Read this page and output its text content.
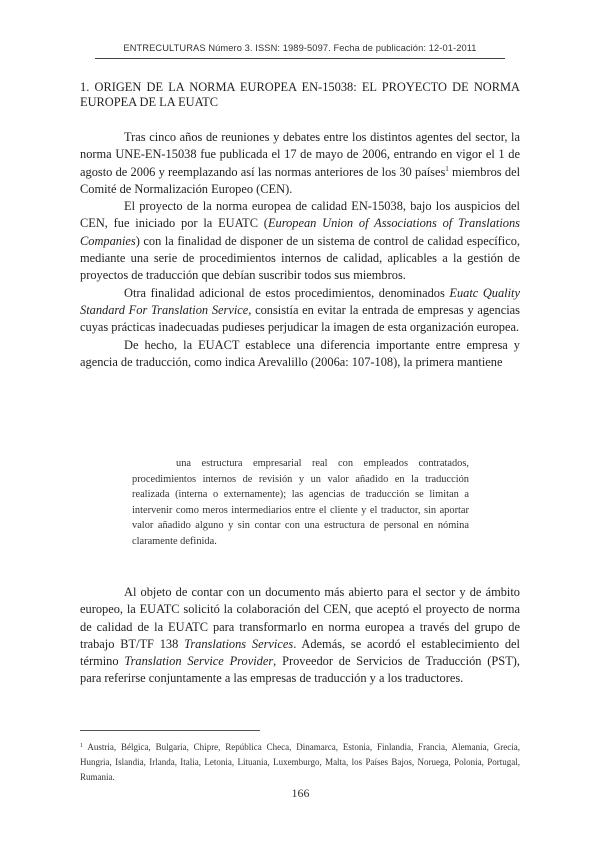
ENTRECULTURAS Número 3. ISSN: 1989-5097. Fecha de publicación: 12-01-2011
1. ORIGEN DE LA NORMA EUROPEA EN-15038: EL PROYECTO DE NORMA EUROPEA DE LA EUATC

Tras cinco años de reuniones y debates entre los distintos agentes del sector, la norma UNE-EN-15038 fue publicada el 17 de mayo de 2006, entrando en vigor el 1 de agosto de 2006 y reemplazando así las normas anteriores de los 30 países$^1$ miembros del Comité de Normalización Europeo (CEN).

El proyecto de la norma europea de calidad EN-15038, bajo los auspicios del CEN, fue iniciado por la EUATC (European Union of Associations of Translations Companies) con la finalidad de disponer de un sistema de control de calidad específico, mediante una serie de procedimientos internos de calidad, aplicables a la gestión de proyectos de traducción que debían suscribir todos sus miembros.

Otra finalidad adicional de estos procedimientos, denominados Euatc Quality Standard For Translation Service, consistía en evitar la entrada de empresas y agencias cuyas prácticas inadecuadas pudieses perjudicar la imagen de esta organización europea.

De hecho, la EUACT establece una diferencia importante entre empresa y agencia de traducción, como indica Arevalillo (2006a: 107-108), la primera mantiene

una estructura empresarial real con empleados contratados, procedimientos internos de revisión y un valor añadido en la traducción realizada (interna o externamente); las agencias de traducción se limitan a intervenir como meros intermediarios entre el cliente y el traductor, sin aportar valor añadido alguno y sin contar con una estructura de personal en nómina claramente definida.

Al objeto de contar con un documento más abierto para el sector y de ámbito europeo, la EUATC solicitó la colaboración del CEN, que aceptó el proyecto de norma de calidad de la EUATC para transformarlo en norma europea a través del grupo de trabajo BT/TF 138 Translations Services. Además, se acordó el establecimiento del término Translation Service Provider, Proveedor de Servicios de Traducción (PST), para referirse conjuntamente a las empresas de traducción y a los traductores.

$^1$ Austria, Bélgica, Bulgaria, Chipre, República Checa, Dinamarca, Estonia, Finlandia, Francia, Alemania, Grecia, Hungria, Islandia, Irlanda, Italia, Letonia, Lituania, Luxemburgo, Malta, los Países Bajos, Noruega, Polonia, Portugal, Rumania.
166
